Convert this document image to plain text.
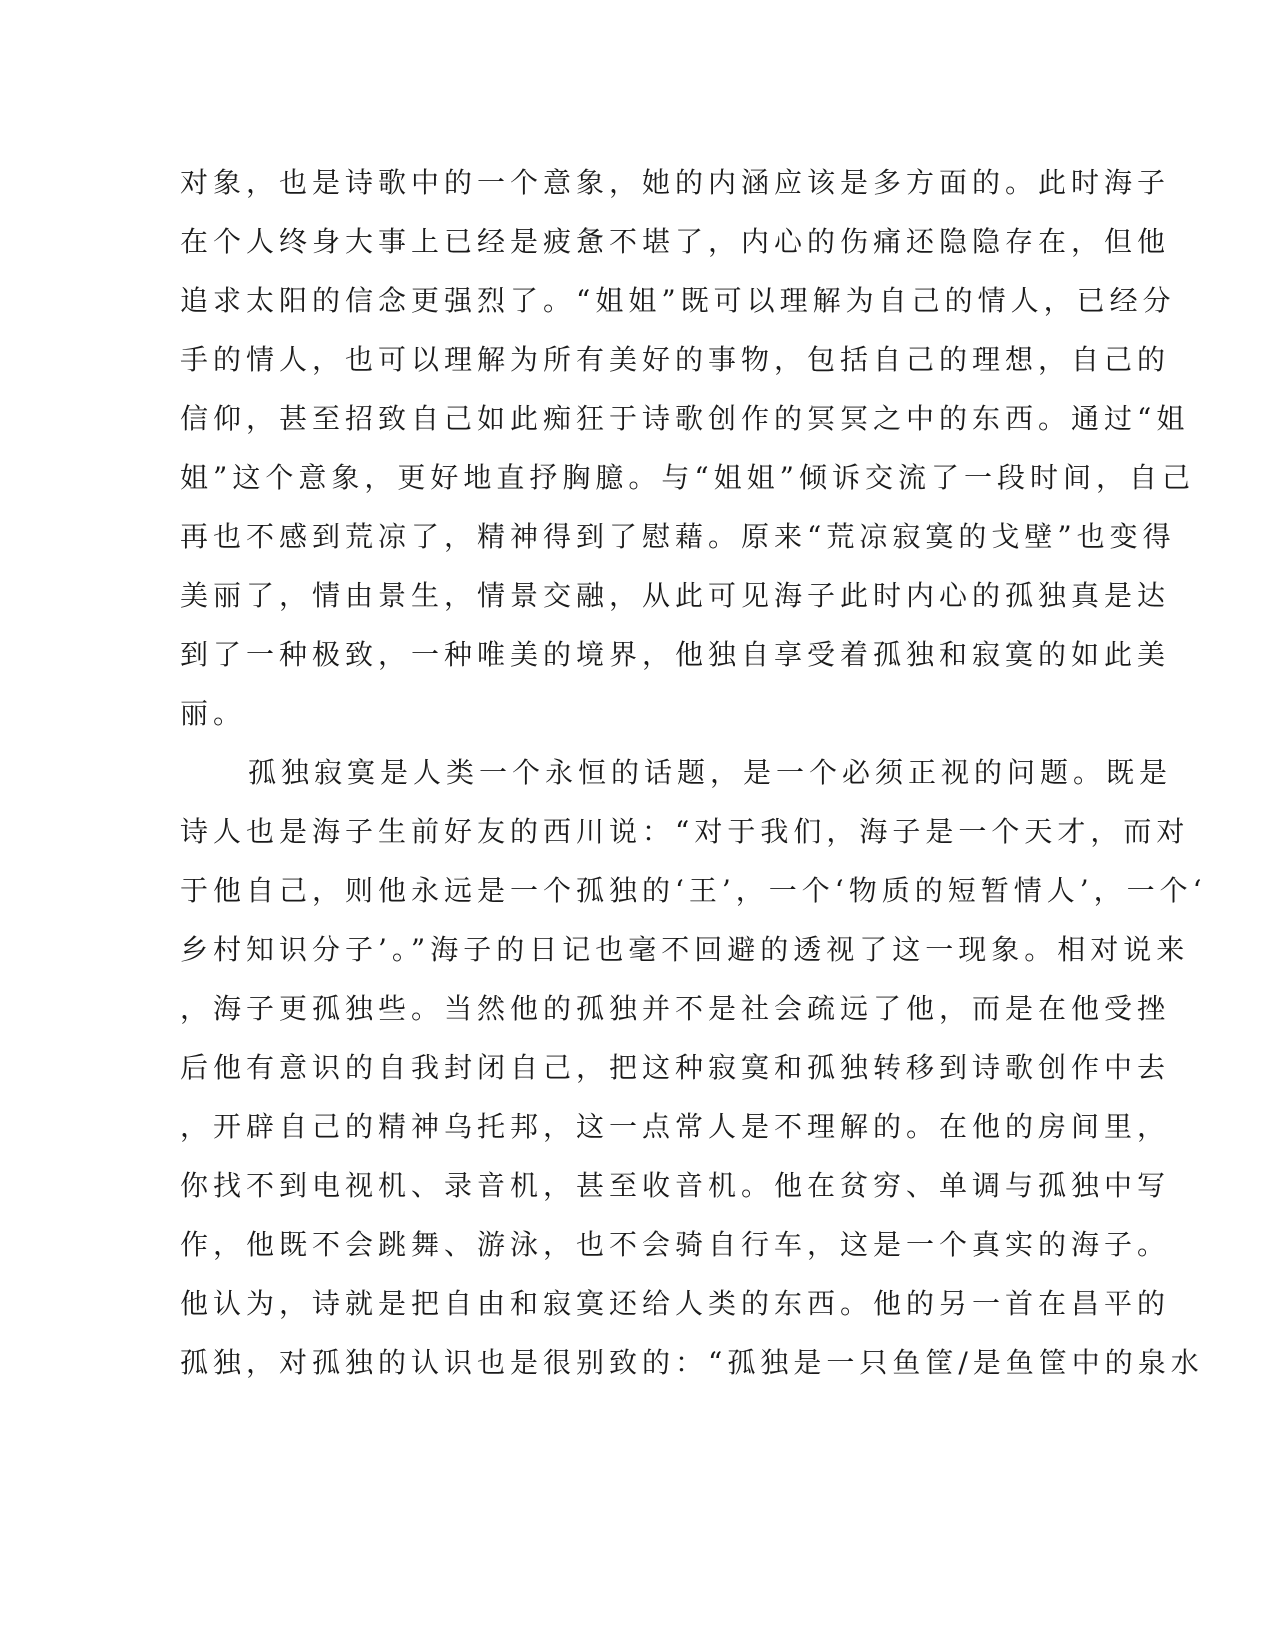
对象，也是诗歌中的一个意象，她的内涵应该是多方面的。此时海子
在个人终身大事上已经是疲惫不堪了，内心的伤痛还隐隐存在，但他
追求太阳的信念更强烈了。“姐姐”既可以理解为自己的情人，已经分
手的情人，也可以理解为所有美好的事物，包括自己的理想，自己的
信仰，甚至招致自己如此痴狂于诗歌创作的冥冥之中的东西。通过“姐
姐”这个意象，更好地直抒胸臆。与“姐姐”倾诉交流了一段时间，自己
再也不感到荒凉了，精神得到了慰藉。原来“荒凉寂寞的戈壁”也变得
美丽了，情由景生，情景交融，从此可见海子此时内心的孤独真是达
到了一种极致，一种唯美的境界，他独自享受着孤独和寂寞的如此美
丽。
孤独寂寞是人类一个永恒的话题，是一个必须正视的问题。既是
诗人也是海子生前好友的西川说：“对于我们，海子是一个天才，而对
于他自己，则他永远是一个孤独的‘王’，一个‘物质的短暂情人’，一个‘
乡村知识分子’。”海子的日记也毫不回避的透视了这一现象。相对说来
，海子更孤独些。当然他的孤独并不是社会疏远了他，而是在他受挫
后他有意识的自我封闭自己，把这种寂寞和孤独转移到诗歌创作中去
，开辟自己的精神乌托邦，这一点常人是不理解的。在他的房间里，
你找不到电视机、录音机，甚至收音机。他在贫穷、单调与孤独中写
作，他既不会跳舞、游泳，也不会骑自行车，这是一个真实的海子。
他认为，诗就是把自由和寂寞还给人类的东西。他的另一首在昌平的
孤独，对孤独的认识也是很别致的：“孤独是一只鱼筐/是鱼筐中的泉水
